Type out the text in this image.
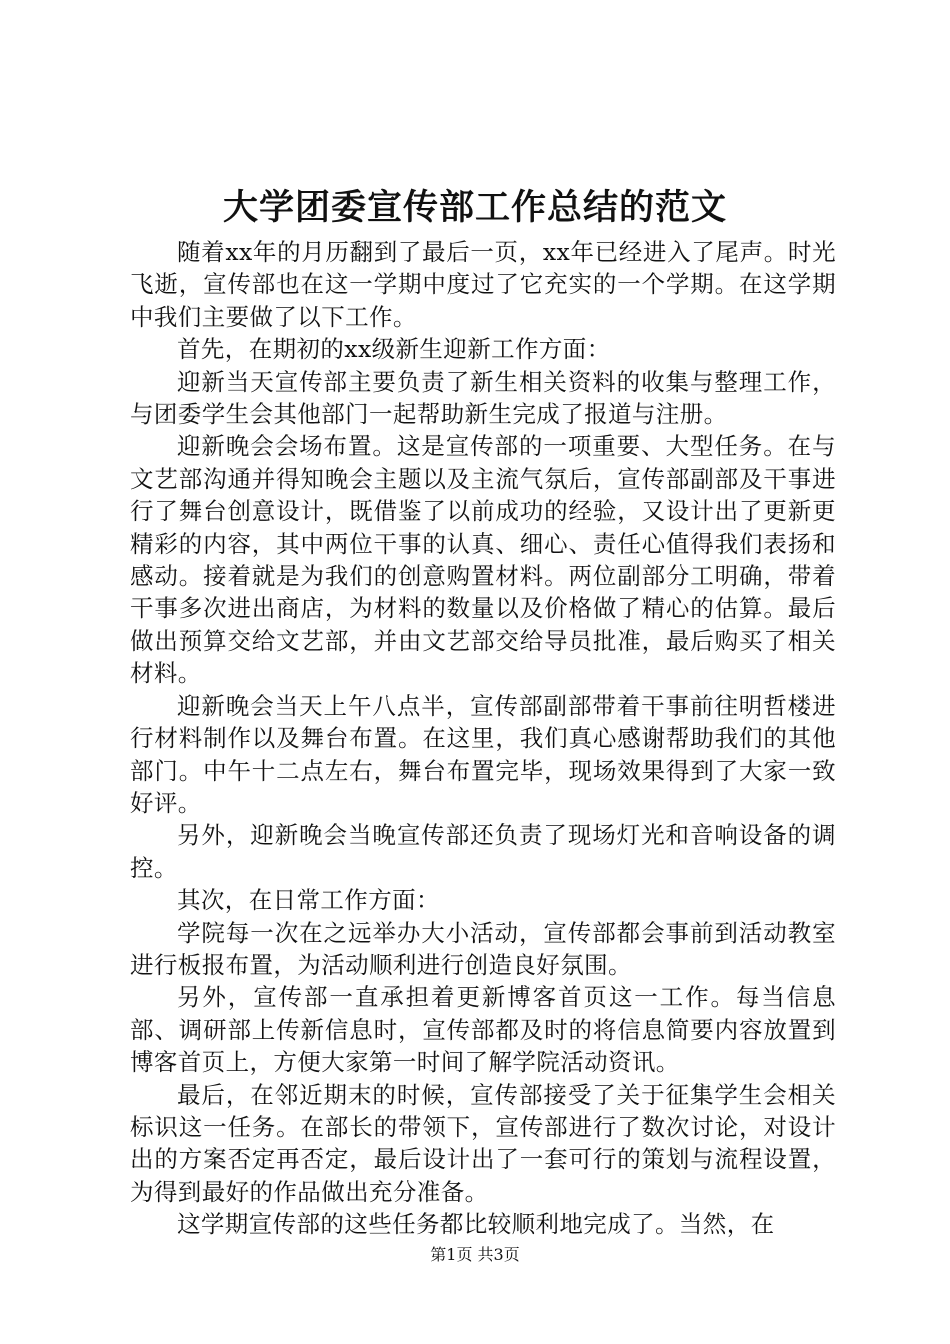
大学团委宣传部工作总结的范文

随着xx年的月历翻到了最后一页，xx年已经进入了尾声。时光飞逝，宣传部也在这一学期中度过了它充实的一个学期。在这学期中我们主要做了以下工作。

首先，在期初的xx级新生迎新工作方面：

迎新当天宣传部主要负责了新生相关资料的收集与整理工作，与团委学生会其他部门一起帮助新生完成了报道与注册。

迎新晚会会场布置。这是宣传部的一项重要、大型任务。在与文艺部沟通并得知晚会主题以及主流气氛后，宣传部副部及干事进行了舞台创意设计，既借鉴了以前成功的经验，又设计出了更新更精彩的内容，其中两位干事的认真、细心、责任心值得我们表扬和感动。接着就是为我们的创意购置材料。两位副部分工明确，带着干事多次进出商店，为材料的数量以及价格做了精心的估算。最后做出预算交给文艺部，并由文艺部交给导员批准，最后购买了相关材料。

迎新晚会当天上午八点半，宣传部副部带着干事前往明哲楼进行材料制作以及舞台布置。在这里，我们真心感谢帮助我们的其他部门。中午十二点左右，舞台布置完毕，现场效果得到了大家一致好评。

另外，迎新晚会当晚宣传部还负责了现场灯光和音响设备的调控。

其次，在日常工作方面：

学院每一次在之远举办大小活动，宣传部都会事前到活动教室进行板报布置，为活动顺利进行创造良好氛围。

另外，宣传部一直承担着更新博客首页这一工作。每当信息部、调研部上传新信息时，宣传部都及时的将信息简要内容放置到博客首页上，方便大家第一时间了解学院活动资讯。

最后，在邻近期末的时候，宣传部接受了关于征集学生会相关标识这一任务。在部长的带领下，宣传部进行了数次讨论，对设计出的方案否定再否定，最后设计出了一套可行的策划与流程设置，为得到最好的作品做出充分准备。

这学期宣传部的这些任务都比较顺利地完成了。当然，在

第1页 共3页
